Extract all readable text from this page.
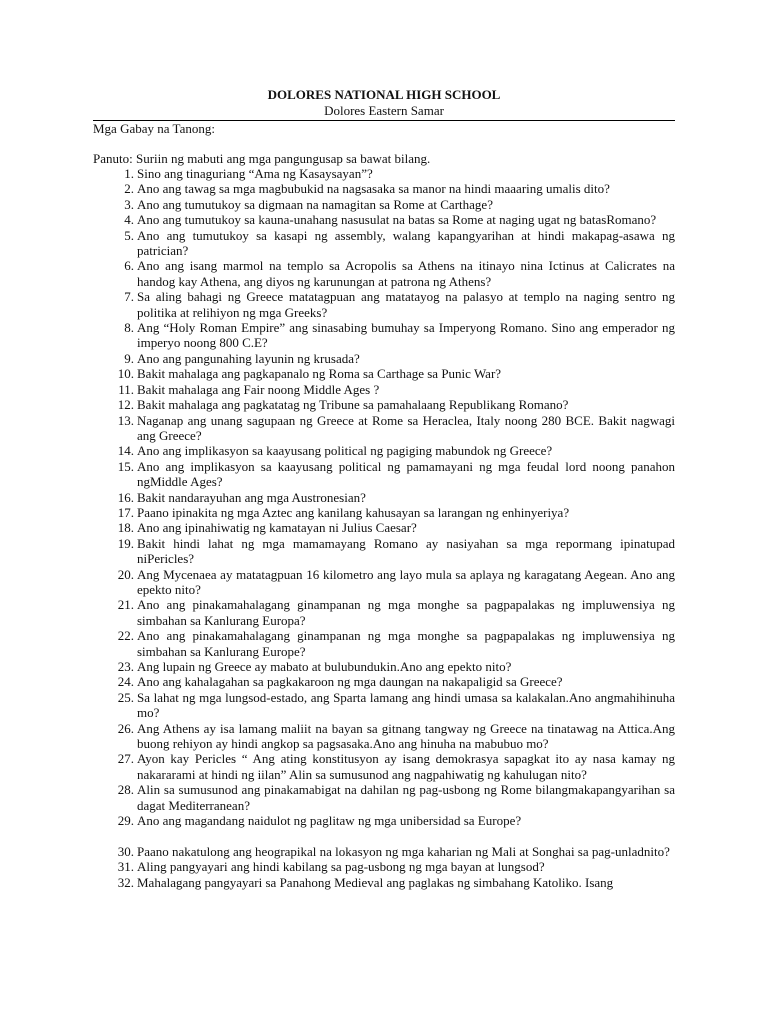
DOLORES NATIONAL HIGH SCHOOL
Dolores Eastern Samar
Mga Gabay na Tanong:
Panuto: Suriin ng mabuti ang mga pangungusap sa bawat bilang.
1. Sino ang tinaguriang “Ama ng Kasaysayan”?
2. Ano ang tawag sa mga magbubukid na nagsasaka sa manor na hindi maaaring umalis dito?
3. Ano ang tumutukoy sa digmaan na namagitan sa Rome at Carthage?
4. Ano ang tumutukoy sa kauna-unahang nasusulat na batas sa Rome at naging ugat ng batasRomano?
5. Ano ang tumutukoy sa kasapi ng assembly, walang kapangyarihan at hindi makapag-asawa ng patrician?
6. Ano ang isang marmol na templo sa Acropolis sa Athens na itinayo nina Ictinus at Calicrates na handog kay Athena, ang diyos ng karunungan at patrona ng Athens?
7. Sa aling bahagi ng Greece matatagpuan ang matatayog na palasyo at templo na naging sentro ng politika at relihiyon ng mga Greeks?
8. Ang “Holy Roman Empire” ang sinasabing bumuhay sa Imperyong Romano. Sino ang emperador ng imperyo noong 800 C.E?
9. Ano ang pangunahing layunin ng krusada?
10. Bakit mahalaga ang pagkapanalo ng Roma sa Carthage sa Punic War?
11. Bakit mahalaga ang Fair noong Middle Ages ?
12. Bakit mahalaga ang pagkatatag ng Tribune sa pamahalaang Republikang Romano?
13. Naganap ang unang sagupaan ng Greece at Rome sa Heraclea, Italy noong 280 BCE. Bakit nagwagi ang Greece?
14. Ano ang implikasyon sa kaayusang political ng pagiging mabundok ng Greece?
15. Ano ang implikasyon sa kaayusang political ng pamamayani ng mga feudal lord noong panahon ngMiddle Ages?
16. Bakit nandarayuhan ang mga Austronesian?
17. Paano ipinakita ng mga Aztec ang kanilang kahusayan sa larangan ng enhinyeriya?
18. Ano ang ipinahiwatig ng kamatayan ni Julius Caesar?
19. Bakit hindi lahat ng mga mamamayang Romano ay nasiyahan sa mga repormang ipinatupad niPericles?
20. Ang Mycenaea ay matatagpuan 16 kilometro ang layo mula sa aplaya ng karagatang Aegean. Ano ang epekto nito?
21. Ano ang pinakamahalagang ginampanan ng mga monghe sa pagpapalakas ng impluwensiya ng simbahan sa Kanlurang Europa?
22. Ano ang pinakamahalagang ginampanan ng mga monghe sa pagpapalakas ng impluwensiya ng simbahan sa Kanlurang Europe?
23. Ang lupain ng Greece ay mabato at bulubundukin.Ano ang epekto nito?
24. Ano ang kahalagahan sa pagkakaroon ng mga daungan na nakapaligid sa Greece?
25. Sa lahat ng mga lungsod-estado, ang Sparta lamang ang hindi umasa sa kalakalan.Ano angmahihinuha mo?
26. Ang Athens ay isa lamang maliit na bayan sa gitnang tangway ng Greece na tinatawag na Attica.Ang buong rehiyon ay hindi angkop sa pagsasaka.Ano ang hinuha na mabubuo mo?
27. Ayon kay Pericles “ Ang ating konstitusyon ay isang demokrasya sapagkat ito ay nasa kamay ng nakararami at hindi ng iilan” Alin sa sumusunod ang nagpahiwatig ng kahulugan nito?
28. Alin sa sumusunod ang pinakamabigat na dahilan ng pag-usbong ng Rome bilangmakapangyarihan sa dagat Mediterranean?
29. Ano ang magandang naidulot ng paglitaw ng mga unibersidad sa Europe?
30. Paano nakatulong ang heograpikal na lokasyon ng mga kaharian ng Mali at Songhai sa pag-unladnito?
31. Aling pangyayari ang hindi kabilang sa pag-usbong ng mga bayan at lungsod?
32. Mahalagang pangyayari sa Panahong Medieval ang paglakas ng simbahang Katoliko. Isang
